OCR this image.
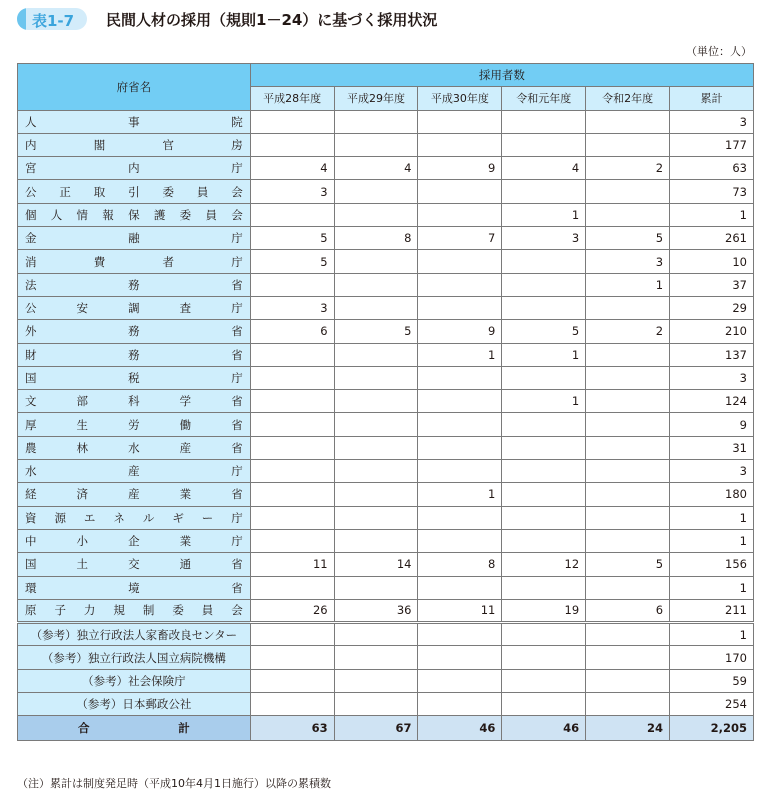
表1-7 民間人材の採用（規則1－24）に基づく採用状況
（単位：人）
府省名	採用者数					
	平成28年度	平成29年度	平成30年度	令和元年度	令和2年度	累計
人事院						3
内閣官房						177
宮内庁	4	4	9	4	2	63
公正取引委員会	3					73
個人情報保護委員会				1		1
金融庁	5	8	7	3	5	261
消費者庁	5				3	10
法務省					1	37
公安調査庁	3					29
外務省	6	5	9	5	2	210
財務省			1	1		137
国税庁						3
文部科学省				1		124
厚生労働省						9
農林水産省						31
水産庁						3
経済産業省			1			180
資源エネルギー庁						1
中小企業庁						1
国土交通省	11	14	8	12	5	156
環境省						1
原子力規制委員会	26	36	11	19	6	211
（参考）独立行政法人家畜改良センター						1
（参考）独立行政法人国立病院機構						170
（参考）社会保険庁						59
（参考）日本郵政公社						254
合計	63	67	46	46	24	2,205
（注）累計は制度発足時（平成10年4月1日施行）以降の累積数
